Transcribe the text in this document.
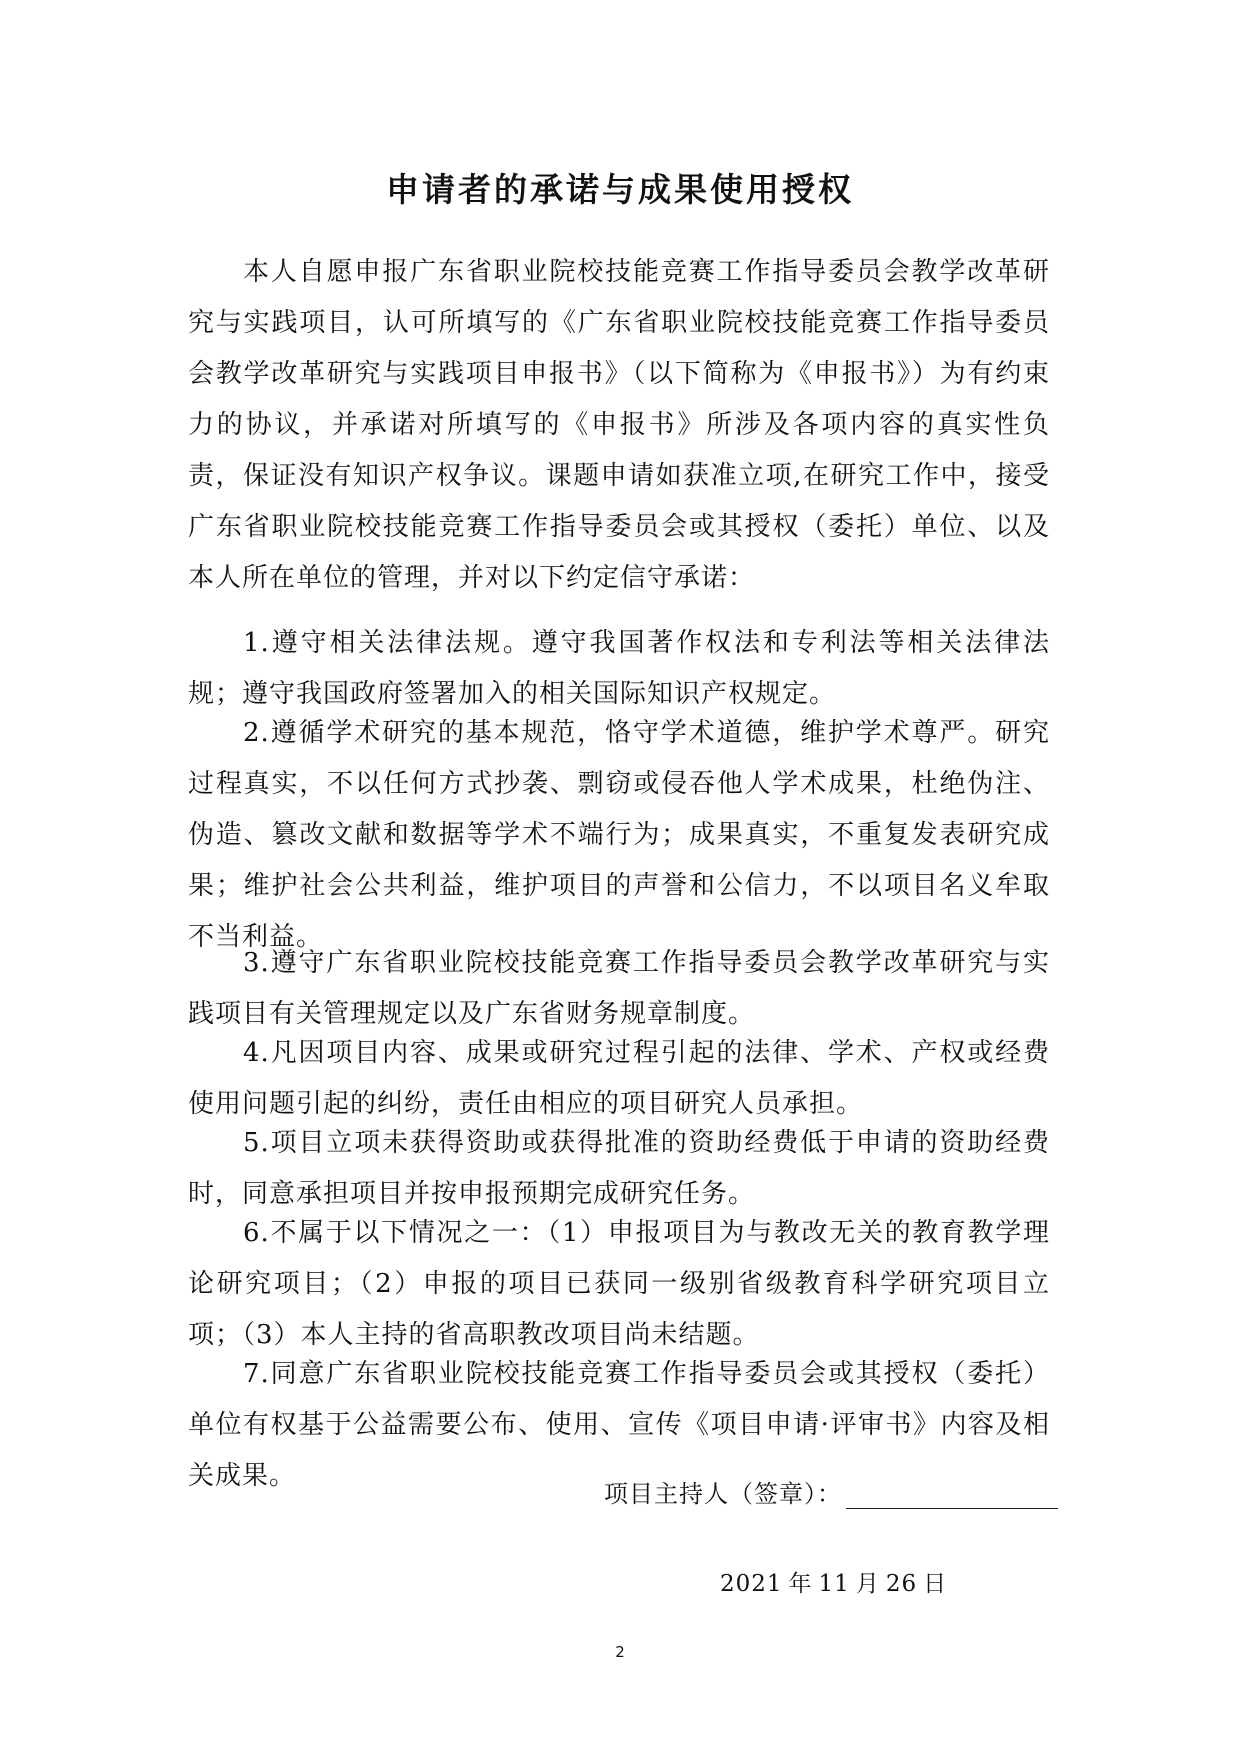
申请者的承诺与成果使用授权

本人自愿申报广东省职业院校技能竞赛工作指导委员会教学改革研究与实践项目，认可所填写的《广东省职业院校技能竞赛工作指导委员会教学改革研究与实践项目申报书》（以下简称为《申报书》）为有约束力的协议，并承诺对所填写的《申报书》所涉及各项内容的真实性负责，保证没有知识产权争议。课题申请如获准立项,在研究工作中，接受广东省职业院校技能竞赛工作指导委员会或其授权（委托）单位、以及本人所在单位的管理，并对以下约定信守承诺：

1.遵守相关法律法规。遵守我国著作权法和专利法等相关法律法规；遵守我国政府签署加入的相关国际知识产权规定。

2.遵循学术研究的基本规范，恪守学术道德，维护学术尊严。研究过程真实，不以任何方式抄袭、剽窃或侵吞他人学术成果，杜绝伪注、伪造、篡改文献和数据等学术不端行为；成果真实，不重复发表研究成果；维护社会公共利益，维护项目的声誉和公信力，不以项目名义牟取不当利益。

3.遵守广东省职业院校技能竞赛工作指导委员会教学改革研究与实践项目有关管理规定以及广东省财务规章制度。

4.凡因项目内容、成果或研究过程引起的法律、学术、产权或经费使用问题引起的纠纷，责任由相应的项目研究人员承担。

5.项目立项未获得资助或获得批准的资助经费低于申请的资助经费时，同意承担项目并按申报预期完成研究任务。

6.不属于以下情况之一：（1）申报项目为与教改无关的教育教学理论研究项目；（2）申报的项目已获同一级别省级教育科学研究项目立项；（3）本人主持的省高职教改项目尚未结题。

7.同意广东省职业院校技能竞赛工作指导委员会或其授权（委托）单位有权基于公益需要公布、使用、宣传《项目申请·评审书》内容及相关成果。

项目主持人（签章）：
2021 年 11 月 26 日
2
